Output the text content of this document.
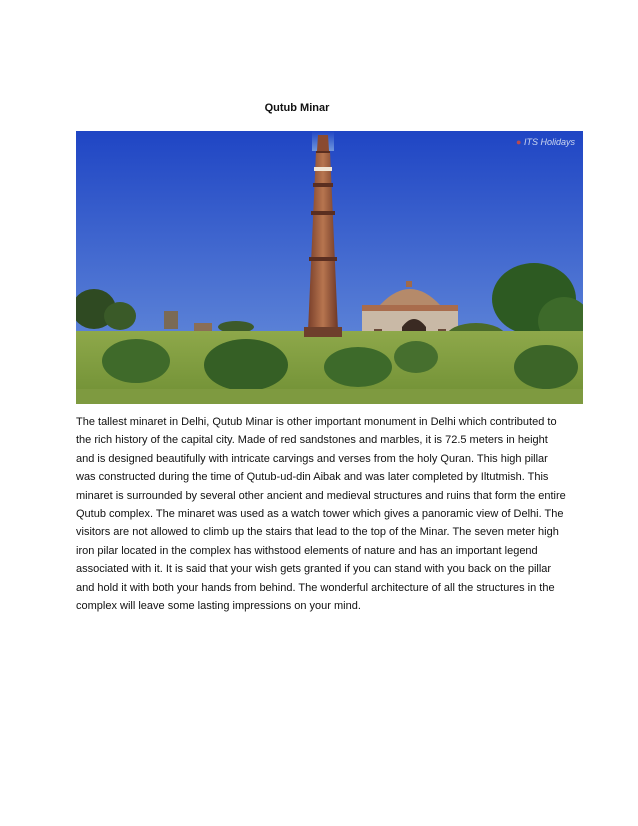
Qutub Minar
● ITS Holidays

The tallest minaret in Delhi, Qutub Minar is other important monument in Delhi which contributed to the rich history of the capital city. Made of red sandstones and marbles, it is 72.5 meters in height and is designed beautifully with intricate carvings and verses from the holy Quran. This high pillar was constructed during the time of Qutub-ud-din Aibak and was later completed by Iltutmish. This minaret is surrounded by several other ancient and medieval structures and ruins that form the entire Qutub complex. The minaret was used as a watch tower which gives a panoramic view of Delhi. The visitors are not allowed to climb up the stairs that lead to the top of the Minar. The seven meter high iron pilar located in the complex has withstood elements of nature and has an important legend associated with it. It is said that your wish gets granted if you can stand with you back on the pillar and hold it with both your hands from behind. The wonderful architecture of all the structures in the complex will leave some lasting impressions on your mind.
